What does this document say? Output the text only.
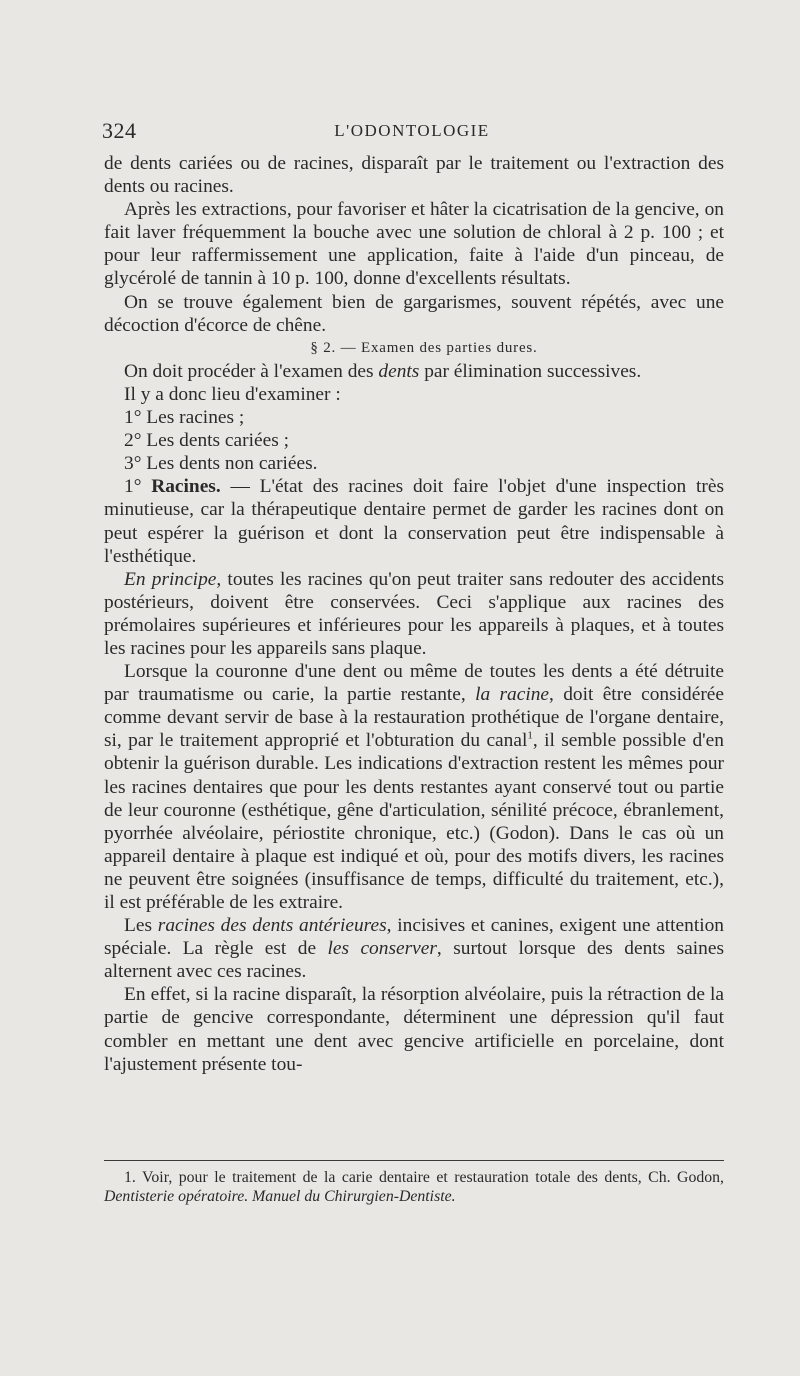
324	L'ODONTOLOGIE

de dents cariées ou de racines, disparaît par le traitement ou l'extraction des dents ou racines.

Après les extractions, pour favoriser et hâter la cicatrisation de la gencive, on fait laver fréquemment la bouche avec une solution de chloral à 2 p. 100 ; et pour leur raffermissement une application, faite à l'aide d'un pinceau, de glycérolé de tannin à 10 p. 100, donne d'excellents résultats.

On se trouve également bien de gargarismes, souvent répétés, avec une décoction d'écorce de chêne.

§ 2. — Examen des parties dures.

On doit procéder à l'examen des dents par élimination successives.

Il y a donc lieu d'examiner :

1° Les racines ;

2° Les dents cariées ;

3° Les dents non cariées.

1° Racines. — L'état des racines doit faire l'objet d'une inspection très minutieuse, car la thérapeutique dentaire permet de garder les racines dont on peut espérer la guérison et dont la conservation peut être indispensable à l'esthétique.

En principe, toutes les racines qu'on peut traiter sans redouter des accidents postérieurs, doivent être conservées. Ceci s'applique aux racines des prémolaires supérieures et inférieures pour les appareils à plaques, et à toutes les racines pour les appareils sans plaque.

Lorsque la couronne d'une dent ou même de toutes les dents a été détruite par traumatisme ou carie, la partie restante, la racine, doit être considérée comme devant servir de base à la restauration prothétique de l'organe dentaire, si, par le traitement approprié et l'obturation du canal$^1$, il semble possible d'en obtenir la guérison durable. Les indications d'extraction restent les mêmes pour les racines dentaires que pour les dents restantes ayant conservé tout ou partie de leur couronne (esthétique, gêne d'articulation, sénilité précoce, ébranlement, pyorrhée alvéolaire, périostite chronique, etc.) (Godon). Dans le cas où un appareil dentaire à plaque est indiqué et où, pour des motifs divers, les racines ne peuvent être soignées (insuffisance de temps, difficulté du traitement, etc.), il est préférable de les extraire.

Les racines des dents antérieures, incisives et canines, exigent une attention spéciale. La règle est de les conserver, surtout lorsque des dents saines alternent avec ces racines.

En effet, si la racine disparaît, la résorption alvéolaire, puis la rétraction de la partie de gencive correspondante, déterminent une dépression qu'il faut combler en mettant une dent avec gencive artificielle en porcelaine, dont l'ajustement présente tou-

1. Voir, pour le traitement de la carie dentaire et restauration totale des dents, Ch. Godon, Dentisterie opératoire. Manuel du Chirurgien-Dentiste.
